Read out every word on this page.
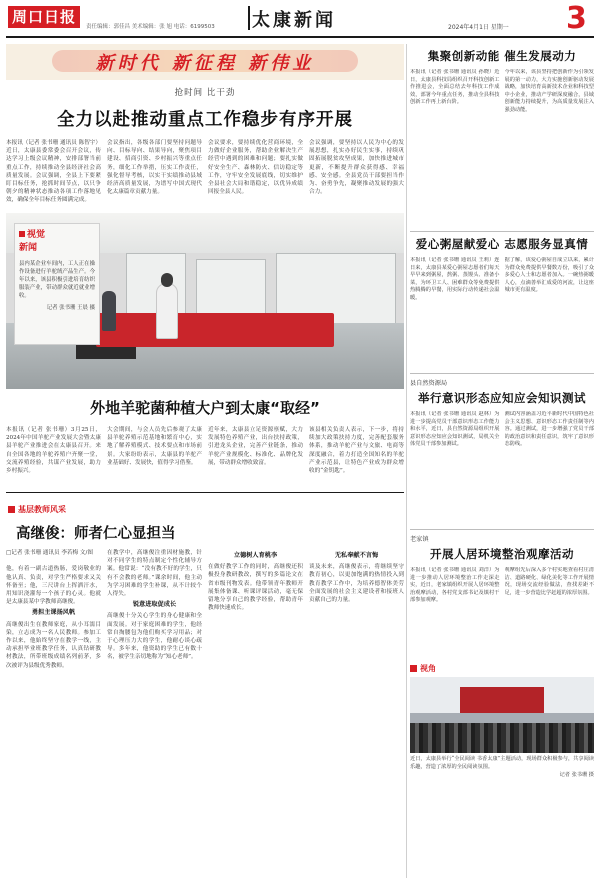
周口日报
责任编辑：郭佳昌 美术编辑：张 旭 电话：6199503 太康新闻	2024年4月1日 星期一 3
新时代 新征程 新伟业
抢时间 比干劲
全力以赴推动重点工作稳步有序开展
本报讯（记者 张书珊 通讯员 陈智宇）近日，太康县委常委会召开会议，传达学习上级会议精神，安排部署当前重点工作，持续推动全县经济社会高质量发展。会议强调，全县上下要紧盯目标任务，抢抓时间节点，以只争朝夕的精神状态推动各项工作落地见效，确保全年目标任务圆满完成。
会议指出，各级各部门要坚持问题导向、目标导向、结果导向，聚焦项目建设、招商引资、乡村振兴等重点任务，细化工作举措，压实工作责任，强化督导考核，以实干实绩推动县域经济高质量发展，为谱写中国式现代化太康篇章贡献力量。
会议要求，要持续优化营商环境，全力做好企业服务，帮助企业解决生产经营中遇到的困难和问题；要扎实做好安全生产、森林防火、信访稳定等工作，守牢安全发展底线，切实维护全县社会大局和谐稳定，以优异成绩回报全县人民。
会议强调，要坚持以人民为中心的发展思想，扎实办好民生实事，持续巩固拓展脱贫攻坚成果，加快推进城市更新，不断提升群众获得感、幸福感、安全感。全县党员干部要担当作为、奋勇争先，凝聚推动发展的强大合力。
视觉
新闻
县内某企业车间内，工人正在操作设备进行羊驼绒产品生产。今年以来，该县积极引进培育纺织服装产业，带动群众就近就业增收。
记者 张书珊 王晨 摄
外地羊驼菌种植大户到太康“取经”
本报讯（记者 张书珊）3月25日，2024年中国羊驼产业发展大会暨太康县羊驼产业推进会在太康县召开。来自全国各地的羊驼养殖户齐聚一堂，交流养殖经验，共谋产业发展，助力乡村振兴。
大会期间，与会人员先后参观了太康县羊驼养殖示范基地和繁育中心，实地了解养殖模式、技术要点和市场前景。大家纷纷表示，太康县的羊驼产业基础好、发展快，值得学习借鉴。
近年来，太康县立足资源禀赋，大力发展特色养殖产业，出台扶持政策，引进龙头企业，完善产业链条，推动羊驼产业规模化、标准化、品牌化发展，带动群众增收致富。
该县相关负责人表示，下一步，将持续加大政策扶持力度，完善配套服务体系，推动羊驼产业与文旅、电商等深度融合，着力打造全国知名的羊驼产业示范县，让特色产业成为群众增收的“金钥匙”。
基层教师风采
高继俊：师者仁心显担当
□记者 张书珊 通讯员 李若梅 文/图

他，有着一副古道热肠，爱岗敬业的他认真、负责，对学生严格要求又关怀备至；他，三尺讲台上挥洒汗水，用知识浇灌每一个孩子的心灵。他就是太康县某中学教师高继俊。
勇担主课扬风帆
高继俊出生在教师家庭，从小耳濡目染，立志成为一名人民教师。参加工作以来，他始终坚守在教学一线，主动承担毕业班教学任务，认真钻研教材教法，所带班级成绩名列前茅，多次被评为县级优秀教师。
在教学中，高继俊注重因材施教，针对不同学生的特点制定个性化辅导方案。他常说：“没有教不好的学生，只有不会教的老师。”课余时间，他主动为学习困难的学生补课，从不计较个人得失。
锐意进取促成长
高继俊十分关心学生的身心健康和全面发展。对于家庭困难的学生，他经常自掏腰包为他们购买学习用品；对于心理压力大的学生，他耐心谈心疏导。多年来，他资助的学生已有数十名，被学生亲切地称为“知心老师”。
立德树人育桃李
在做好教学工作的同时，高继俊还积极投身教研教改，撰写的多篇论文在省市级刊物发表。他带领青年教师开展集体备课、听课评课活动，毫无保留地分享自己的教学经验，帮助青年教师快速成长。
无私奉献不言悔
谈及未来，高继俊表示，将继续坚守教育初心，以更加饱满的热情投入到教育教学工作中，为培养德智体美劳全面发展的社会主义建设者和接班人贡献自己的力量。
集聚创新动能 催生发展动力
本报讯（记者 张书珊 通讯员 孙晓）近日，太康县科技局组织召开科技创新工作推进会，全面总结去年科技工作成效，部署今年重点任务，推动全县科技创新工作再上新台阶。
今年以来，该县坚持把创新作为引领发展的第一动力，大力实施创新驱动发展战略，加快培育高新技术企业和科技型中小企业，推动产学研深度融合，县域创新能力持续提升，为高质量发展注入强劲动能。
爱心粥屋献爱心 志愿服务显真情
本报讯（记者 张书珊 通讯员 王莉）连日来，太康县某爱心粥屋志愿者们每天早早来到粥屋，熬粥、蒸馒头、准备小菜，为环卫工人、困难群众等免费提供热腾腾的早餐，用实际行动传递社会温暖。
据了解，该爱心粥屋自成立以来，累计为群众免费提供早餐数万份，吸引了众多爱心人士和志愿者加入。一碗热粥暖人心，点滴善举汇成爱的河流，让这座城市更有温度。
县自然资源局
举行意识形态应知应会知识测试
本报讯（记者 张书珊 通讯员 赵林）为进一步提高党员干部意识形态工作能力和水平，近日，县自然资源局组织开展意识形态应知应会知识测试，局机关全体党员干部参加测试。
测试内容涵盖习近平新时代中国特色社会主义思想、意识形态工作责任制等内容。通过测试，进一步增强了党员干部的政治意识和责任意识，筑牢了意识形态防线。
老家镇
开展人居环境整治观摩活动
本报讯（记者 张书珊 通讯员 刘洋）为进一步推动人居环境整治工作走深走实，近日，老家镇组织开展人居环境整治观摩活动，各村党支部书记及镇村干部参加观摩。
观摩组先后深入多个村实地查看村庄清洁、道路硬化、绿化美化等工作开展情况，现场交流经验做法，查找差距不足，进一步营造比学赶超的浓厚氛围。
视角
近日，太康县举行“全民阅读 书香太康”主题活动，现场群众积极参与，共享阅读乐趣，营造了浓厚的全民阅读氛围。
记者 张书珊 摄
